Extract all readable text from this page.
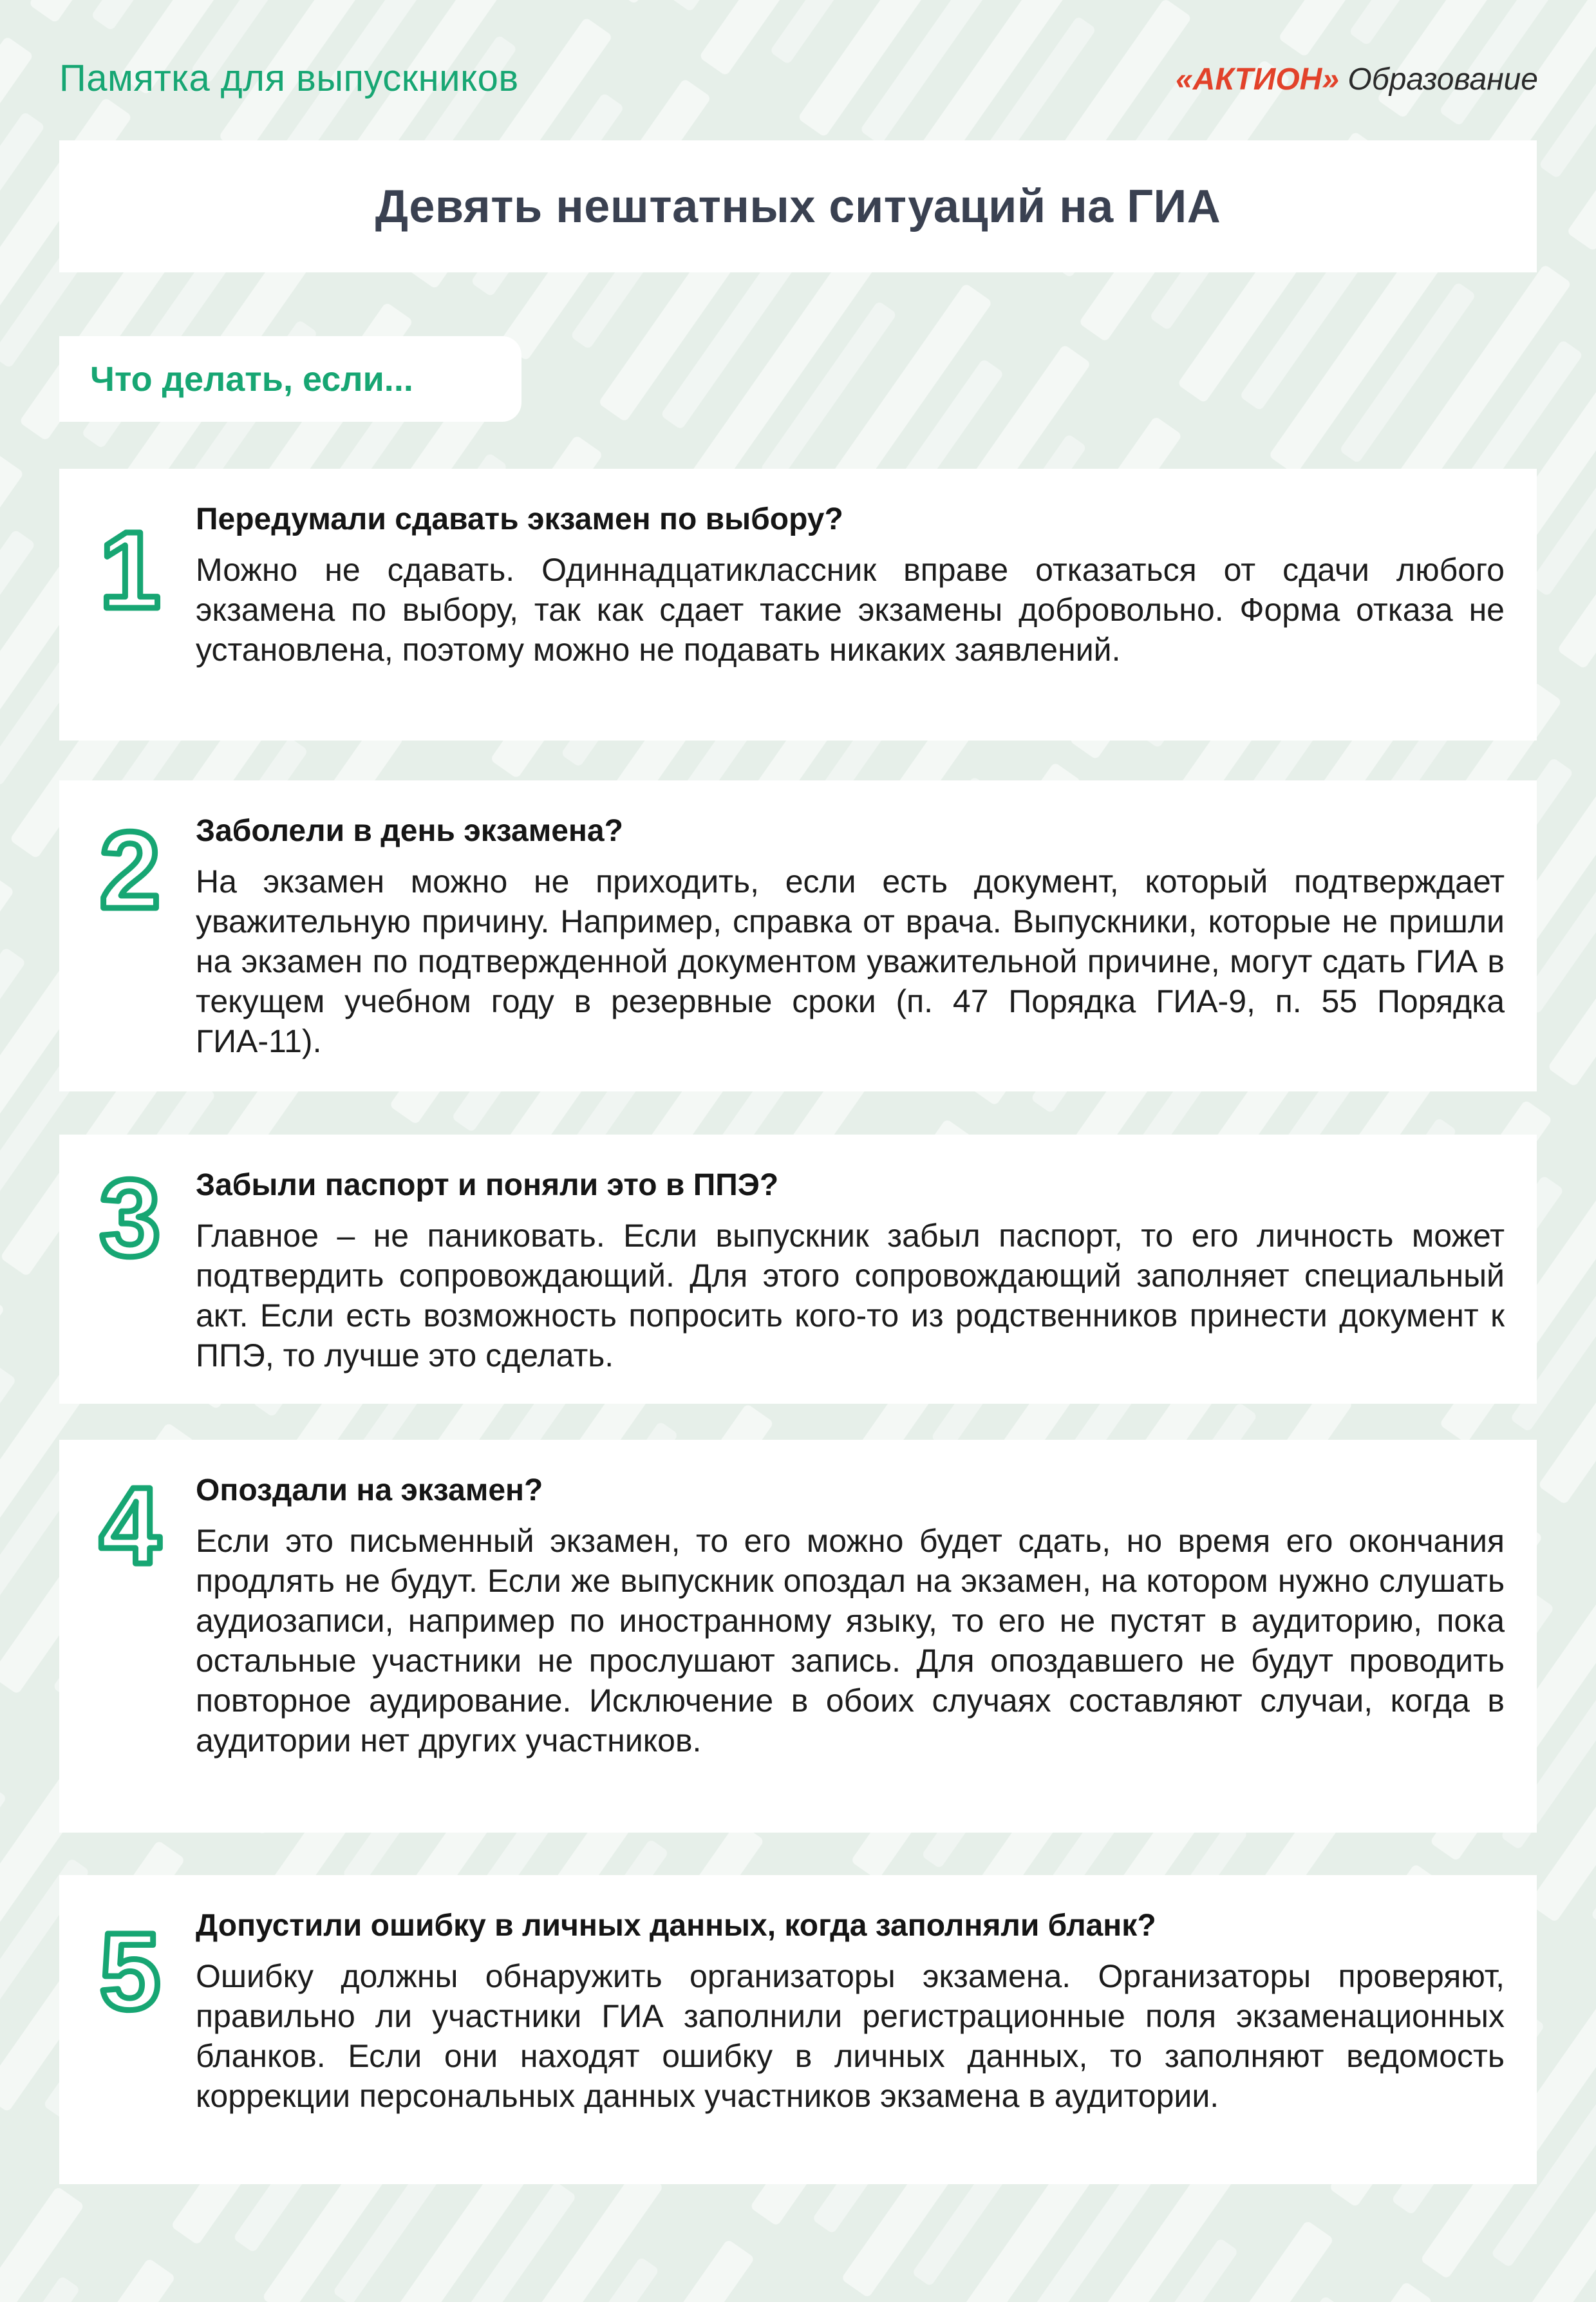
Памятка для выпускников	«АКТИОН» Образование
Девять нештатных ситуаций на ГИА
Что делать, если...
1 Передумали сдавать экзамен по выбору?

Можно не сдавать. Одиннадцатиклассник вправе отказаться от сдачи любого экзамена по выбору, так как сдает такие экзамены добровольно. Форма отказа не установлена, поэтому можно не подавать никаких заявлений.

2 Заболели в день экзамена?

На экзамен можно не приходить, если есть документ, который подтверждает уважительную причину. Например, справка от врача. Выпускники, которые не пришли на экзамен по подтвержденной документом уважительной причине, могут сдать ГИА в текущем учебном году в резервные сроки (п. 47 Порядка ГИА-9, п. 55 Порядка ГИА-11).

3 Забыли паспорт и поняли это в ППЭ?

Главное – не паниковать. Если выпускник забыл паспорт, то его личность может подтвердить сопровождающий. Для этого сопровождающий заполняет специальный акт. Если есть возможность попросить кого-то из родственников принести документ к ППЭ, то лучше это сделать.

4 Опоздали на экзамен?

Если это письменный экзамен, то его можно будет сдать, но время его окончания продлять не будут. Если же выпускник опоздал на экзамен, на котором нужно слушать аудиозаписи, например по иностранному языку, то его не пустят в аудиторию, пока остальные участники не прослушают запись. Для опоздавшего не будут проводить повторное аудирование. Исключение в обоих случаях составляют случаи, когда в аудитории нет других участников.

5 Допустили ошибку в личных данных, когда заполняли бланк?

Ошибку должны обнаружить организаторы экзамена. Организаторы проверяют, правильно ли участники ГИА заполнили регистрационные поля экзаменационных бланков. Если они находят ошибку в личных данных, то заполняют ведомость коррекции персональных данных участников экзамена в аудитории.
